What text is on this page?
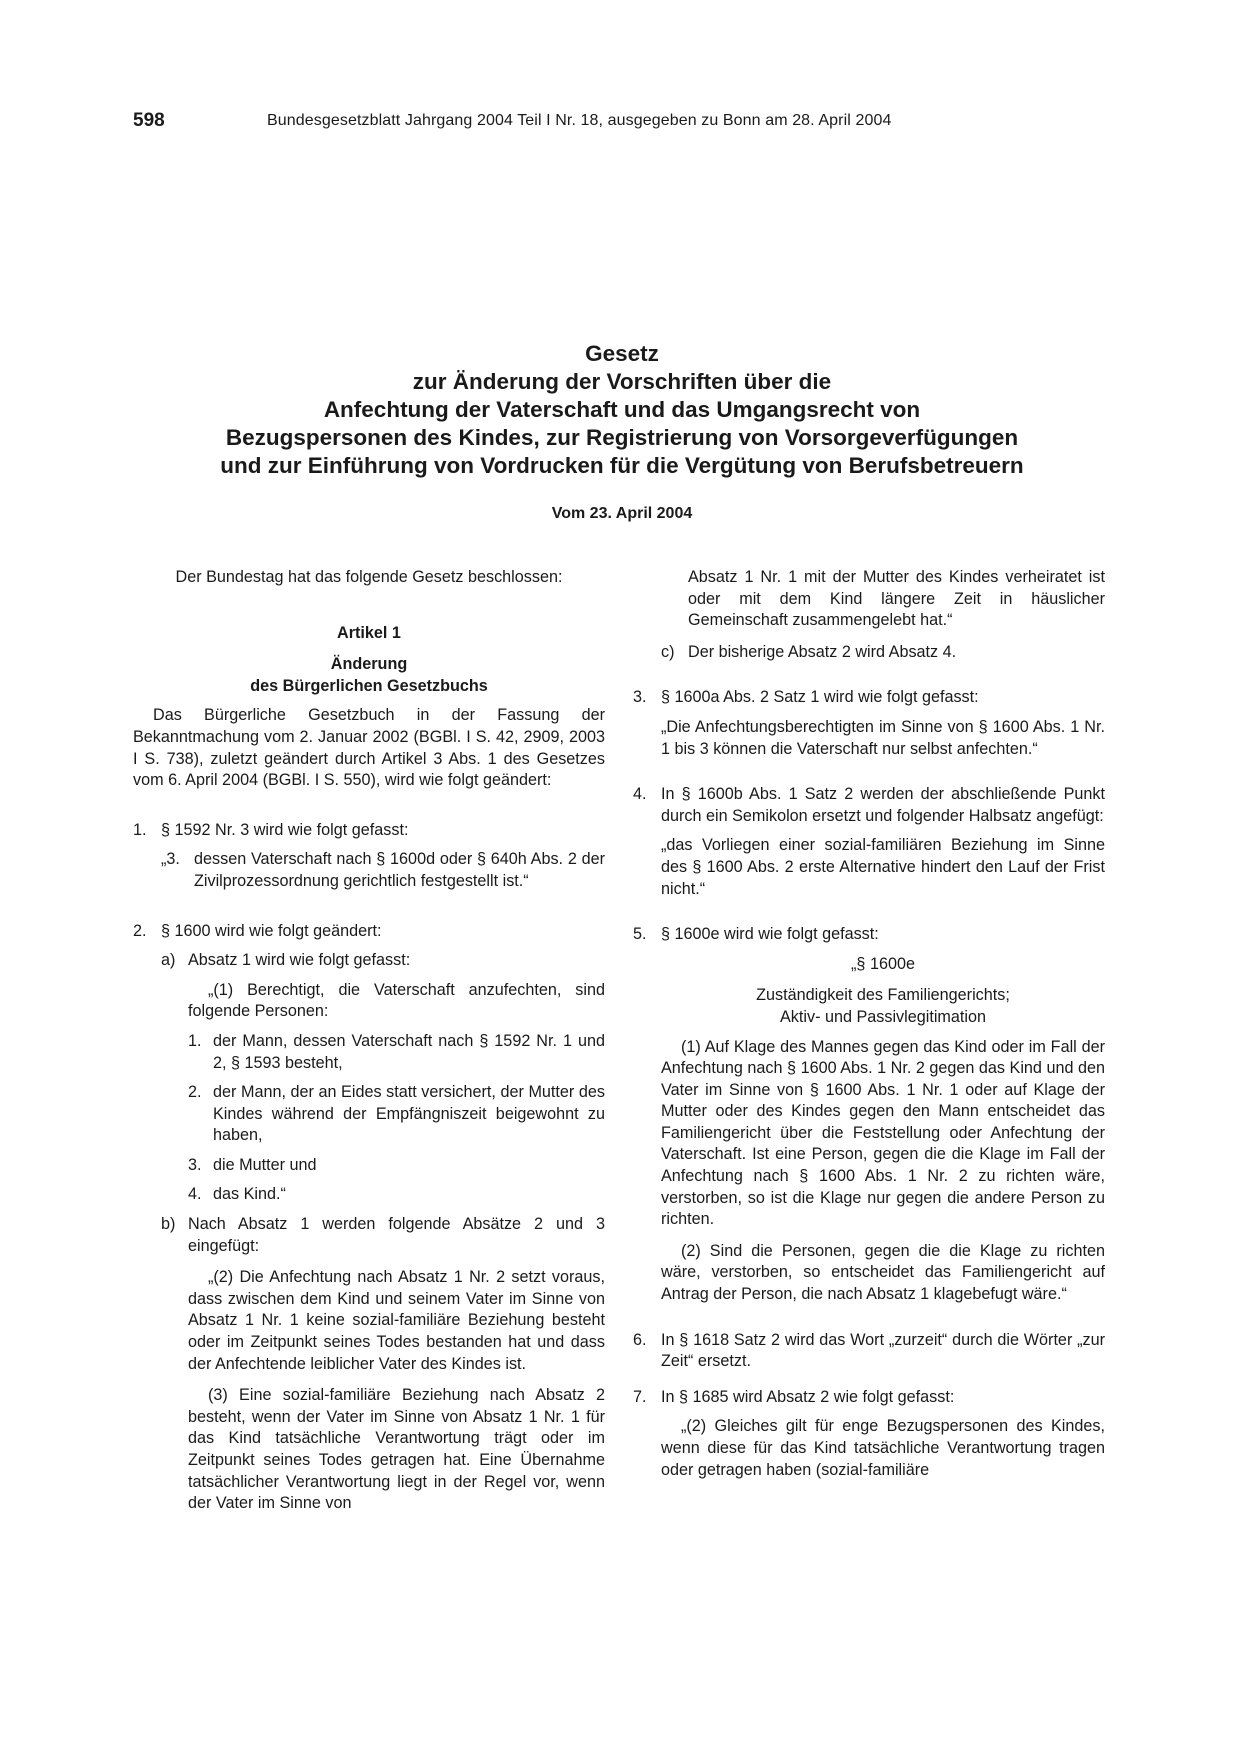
598	Bundesgesetzblatt Jahrgang 2004 Teil I Nr. 18, ausgegeben zu Bonn am 28. April 2004
Gesetz
zur Änderung der Vorschriften über die
Anfechtung der Vaterschaft und das Umgangsrecht von
Bezugspersonen des Kindes, zur Registrierung von Vorsorgeverfügungen
und zur Einführung von Vordrucken für die Vergütung von Berufsbetreuern
Vom 23. April 2004

Der Bundestag hat das folgende Gesetz beschlossen:

Artikel 1

Änderung

des Bürgerlichen Gesetzbuchs

Das Bürgerliche Gesetzbuch in der Fassung der Bekanntmachung vom 2. Januar 2002 (BGBl. I S. 42, 2909, 2003 I S. 738), zuletzt geändert durch Artikel 3 Abs. 1 des Gesetzes vom 6. April 2004 (BGBl. I S. 550), wird wie folgt geändert:

1. § 1592 Nr. 3 wird wie folgt gefasst:
„3. dessen Vaterschaft nach § 1600d oder § 640h Abs. 2 der Zivilprozessordnung gerichtlich festgestellt ist.“
2. § 1600 wird wie folgt geändert:
a) Absatz 1 wird wie folgt gefasst:

„(1) Berechtigt, die Vaterschaft anzufechten, sind folgende Personen:

1. der Mann, dessen Vaterschaft nach § 1592 Nr. 1 und 2, § 1593 besteht,
2. der Mann, der an Eides statt versichert, der Mutter des Kindes während der Empfängniszeit beigewohnt zu haben,
3. die Mutter und
4. das Kind.“
b) Nach Absatz 1 werden folgende Absätze 2 und 3 eingefügt:

„(2) Die Anfechtung nach Absatz 1 Nr. 2 setzt voraus, dass zwischen dem Kind und seinem Vater im Sinne von Absatz 1 Nr. 1 keine sozial-familiäre Beziehung besteht oder im Zeitpunkt seines Todes bestanden hat und dass der Anfechtende leiblicher Vater des Kindes ist.

(3) Eine sozial-familiäre Beziehung nach Absatz 2 besteht, wenn der Vater im Sinne von Absatz 1 Nr. 1 für das Kind tatsächliche Verantwortung trägt oder im Zeitpunkt seines Todes getragen hat. Eine Übernahme tatsächlicher Verantwortung liegt in der Regel vor, wenn der Vater im Sinne von

Absatz 1 Nr. 1 mit der Mutter des Kindes verheiratet ist oder mit dem Kind längere Zeit in häuslicher Gemeinschaft zusammengelebt hat.“

c) Der bisherige Absatz 2 wird Absatz 4.
3. § 1600a Abs. 2 Satz 1 wird wie folgt gefasst:

„Die Anfechtungsberechtigten im Sinne von § 1600 Abs. 1 Nr. 1 bis 3 können die Vaterschaft nur selbst anfechten.“

4. In § 1600b Abs. 1 Satz 2 werden der abschließende Punkt durch ein Semikolon ersetzt und folgender Halbsatz angefügt:

„das Vorliegen einer sozial-familiären Beziehung im Sinne des § 1600 Abs. 2 erste Alternative hindert den Lauf der Frist nicht.“

5. § 1600e wird wie folgt gefasst:

„§ 1600e

Zuständigkeit des Familiengerichts;

Aktiv- und Passivlegitimation

(1) Auf Klage des Mannes gegen das Kind oder im Fall der Anfechtung nach § 1600 Abs. 1 Nr. 2 gegen das Kind und den Vater im Sinne von § 1600 Abs. 1 Nr. 1 oder auf Klage der Mutter oder des Kindes gegen den Mann entscheidet das Familiengericht über die Feststellung oder Anfechtung der Vaterschaft. Ist eine Person, gegen die die Klage im Fall der Anfechtung nach § 1600 Abs. 1 Nr. 2 zu richten wäre, verstorben, so ist die Klage nur gegen die andere Person zu richten.

(2) Sind die Personen, gegen die die Klage zu richten wäre, verstorben, so entscheidet das Familiengericht auf Antrag der Person, die nach Absatz 1 klagebefugt wäre.“

6. In § 1618 Satz 2 wird das Wort „zurzeit“ durch die Wörter „zur Zeit“ ersetzt.
7. In § 1685 wird Absatz 2 wie folgt gefasst:

„(2) Gleiches gilt für enge Bezugspersonen des Kindes, wenn diese für das Kind tatsächliche Verantwortung tragen oder getragen haben (sozial-familiäre
